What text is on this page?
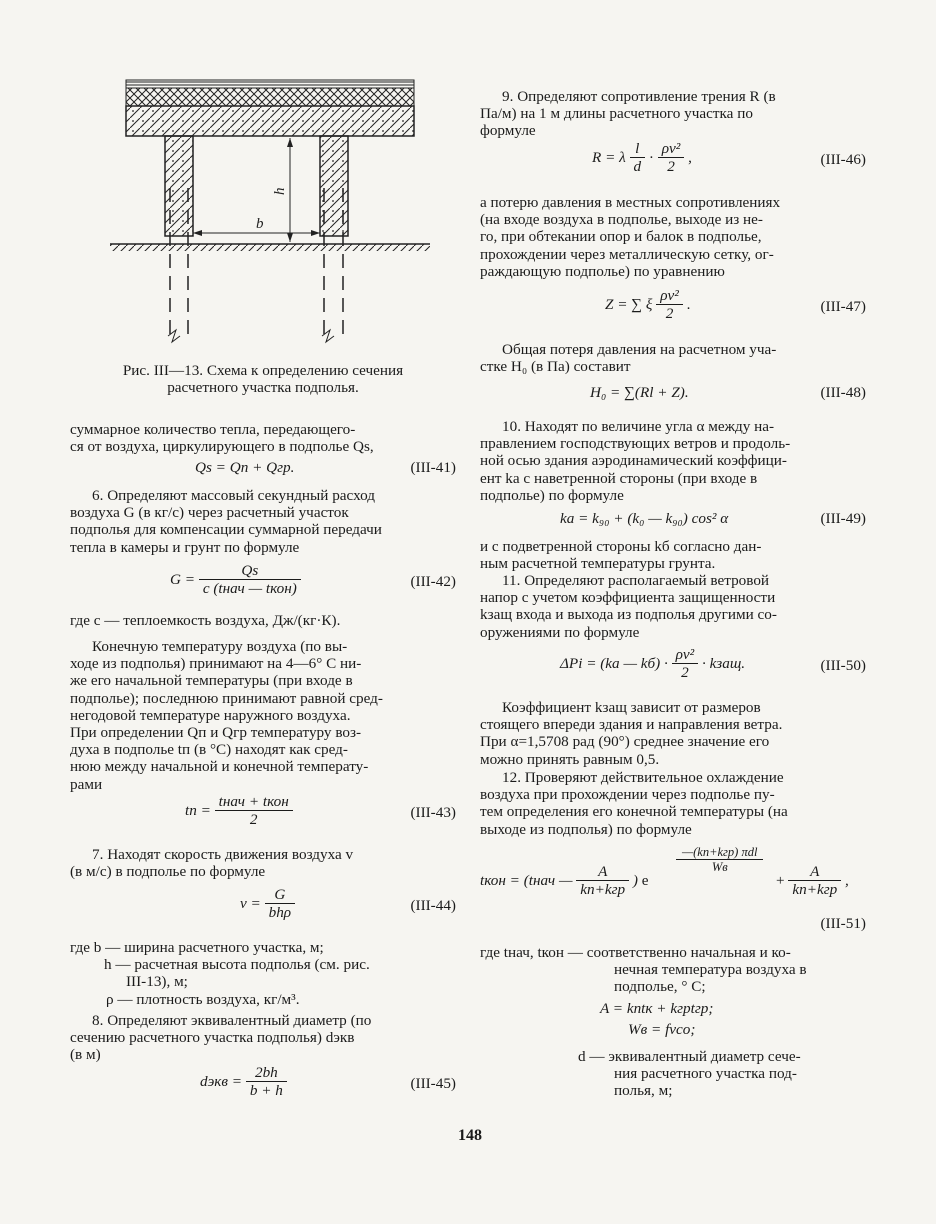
b
h
Рис. III—13. Схема к определению сечения
расчетного участка подполья.
суммарное количество тепла, передающего-
ся от воздуха, циркулирующего в подполье Qs,
Qs = Qп + Qгр.	(III-41)
6. Определяют массовый секундный расход
воздуха G (в кг/с) через расчетный участок
подполья для компенсации суммарной передачи
тепла в камеры и грунт по формуле
$G = \frac{Qs}{\text{c (tнач — tкон)}}$	(III-42)
где c — теплоемкость воздуха, Дж/(кг·К).
Конечную температуру воздуха (по вы-
ходе из подполья) принимают на 4—6° С ни-
же его начальной температуры (при входе в
подполье); последнюю принимают равной сред-
негодовой температуре наружного воздуха.
При определении Qп и Qгр температуру воз-
духа в подполье tп (в °C) находят как сред-
нюю между начальной и конечной температу-
рами
tп = $\frac{\text{tнач + tкон}}{2}$	(III-43)
7. Находят скорость движения воздуха v
(в м/с) в подполье по формуле
$v = \frac{G}{\text{bhρ}}$	(III-44)
где b — ширина расчетного участка, м;
h — расчетная высота подполья (см. рис.
III-13), м;
ρ — плотность воздуха, кг/м³.
8. Определяют эквивалентный диаметр (по
сечению расчетного участка подполья) dэкв
(в м)
dэкв = $\frac{2bh}{b + h}$	(III-45)
9. Определяют сопротивление трения R (в
Па/м) на 1 м длины расчетного участка по
формуле
R = λ $\frac{l}{d} \cdot \frac{\text{ρv²}}{2}$ ,	(III-46)
а потерю давления в местных сопротивлениях
(на входе воздуха в подполье, выходе из не-
го, при обтекании опор и балок в подполье,
прохождении через металлическую сетку, ог-
раждающую подполье) по уравнению
Z = ∑ ξ $\frac{\text{ρv²}}{2}$ .	(III-47)
Общая потеря давления на расчетном уча-
стке H₀ (в Па) составит
H₀ = ∑(Rl + Z).	(III-48)
10. Находят по величине угла α между на-
правлением господствующих ветров и продоль-
ной осью здания аэродинамический коэффици-
ент kа с наветренной стороны (при входе в
подполье) по формуле
kа = k₉₀ + (k₀ — k₉₀) cos² α	(III-49)
и с подветренной стороны kб согласно дан-
ным расчетной температуры грунта.
11. Определяют располагаемый ветровой
напор с учетом коэффициента защищенности
kзащ входа и выхода из подполья другими со-
оружениями по формуле
ΔPi = (kа — $kб) \cdot \frac{\text{ρv²}}{2}$ · kзащ.	(III-50)
Коэффициент kзащ зависит от размеров
стоящего впереди здания и направления ветра.
При α=1,5708 рад (90°) среднее значение его
можно принять равным 0,5.
12. Проверяют действительное охлаждение
воздуха при прохождении через подполье пу-
тем определения его конечной температуры (на
выходе из подполья) по формуле
tкон = (tнач — $\frac{A}{\text{kп+kгр}}$ ) e
—(kп+kгр) πdl
Wв
+ $\frac{A}{\text{kп+kгр}}$ ,
(III-51)
где tнач, tкон — соответственно начальная и ко-
нечная температура воздуха в
подполье, ° С;
A = kпtк + kгрtгр;
Wв = fvcо;
d — эквивалентный диаметр сече-
ния расчетного участка под-
полья, м;
148
